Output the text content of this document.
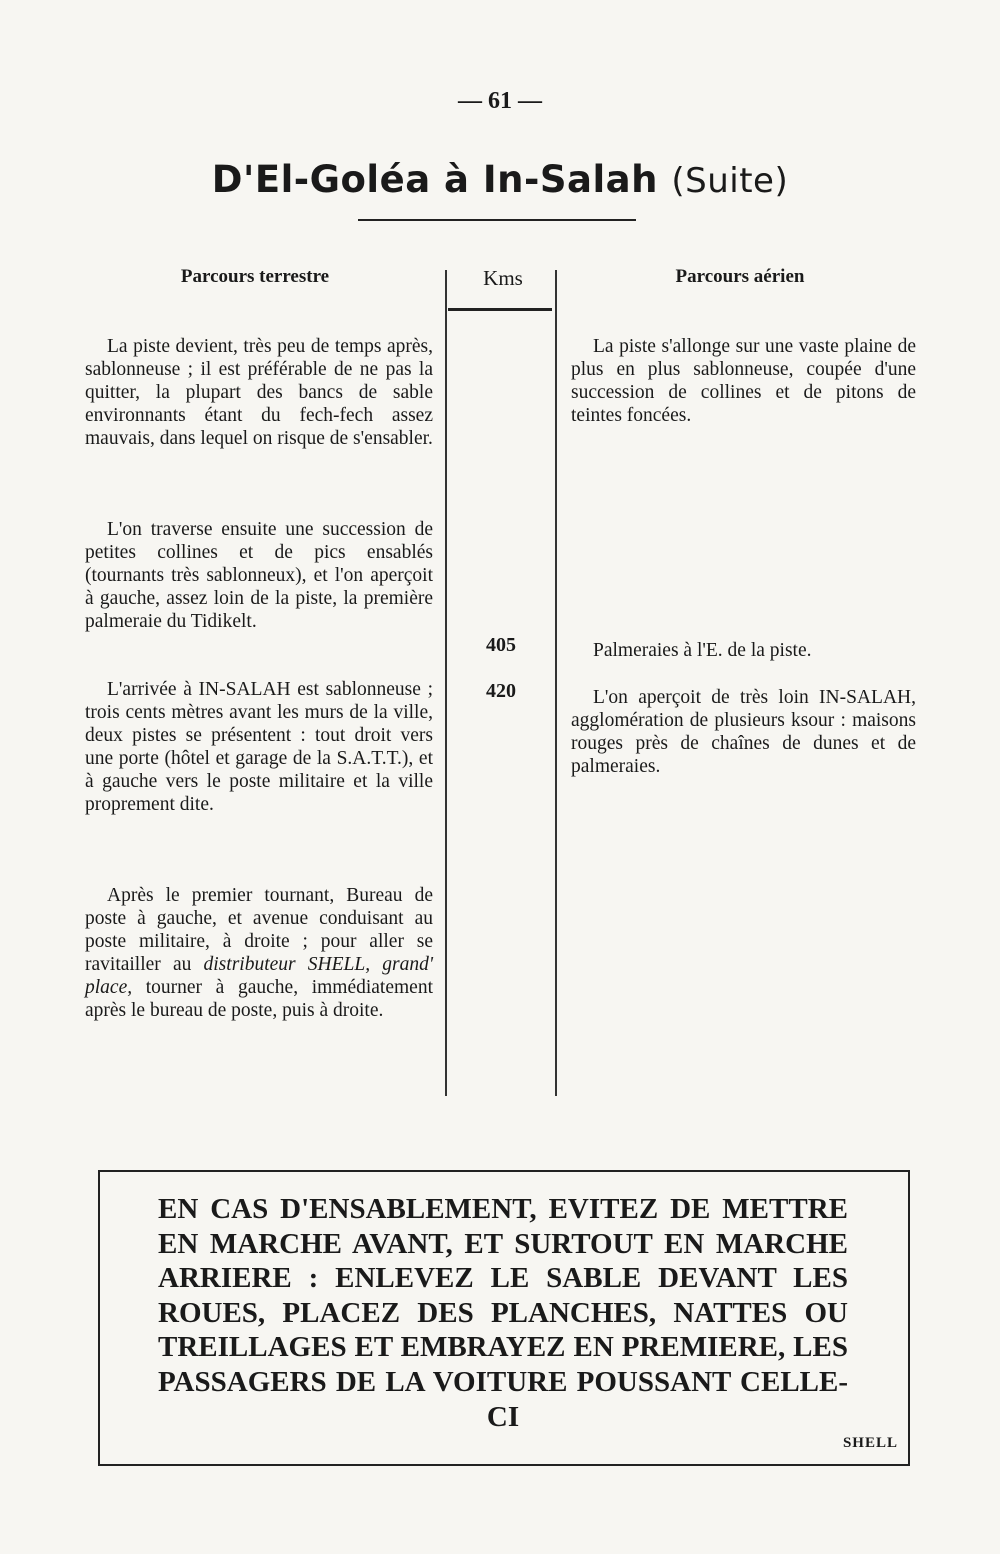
— 61 —
D'El-Goléa à In-Salah (Suite)
Parcours terrestre	Kms	Parcours aérien

La piste devient, très peu de temps après, sablonneuse ; il est préférable de ne pas la quitter, la plupart des bancs de sable environnants étant du fech-fech assez mauvais, dans lequel on risque de s'ensabler.

L'on traverse ensuite une succession de petites collines et de pics ensablés (tournants très sablonneux), et l'on aperçoit à gauche, assez loin de la piste, la première palmeraie du Tidikelt.

L'arrivée à IN-SALAH est sablonneuse ; trois cents mètres avant les murs de la ville, deux pistes se présentent : tout droit vers une porte (hôtel et garage de la S.A.T.T.), et à gauche vers le poste militaire et la ville proprement dite.

Après le premier tournant, Bureau de poste à gauche, et avenue conduisant au poste militaire, à droite ; pour aller se ravitailler au distributeur SHELL, grand' place, tourner à gauche, immédiatement après le bureau de poste, puis à droite.

405
420

La piste s'allonge sur une vaste plaine de plus en plus sablonneuse, coupée d'une succession de collines et de pitons de teintes foncées.

Palmeraies à l'E. de la piste.

L'on aperçoit de très loin IN-SALAH, agglomération de plusieurs ksour : maisons rouges près de chaînes de dunes et de palmeraies.

EN CAS D'ENSABLEMENT, EVITEZ DE METTRE EN MARCHE AVANT, ET SURTOUT EN MARCHE ARRIERE : ENLEVEZ LE SABLE DEVANT LES ROUES, PLACEZ DES PLANCHES, NATTES OU TREILLAGES ET EMBRAYEZ EN PREMIERE, LES PASSAGERS DE LA VOITURE POUSSANT CELLE-CI

SHELL
